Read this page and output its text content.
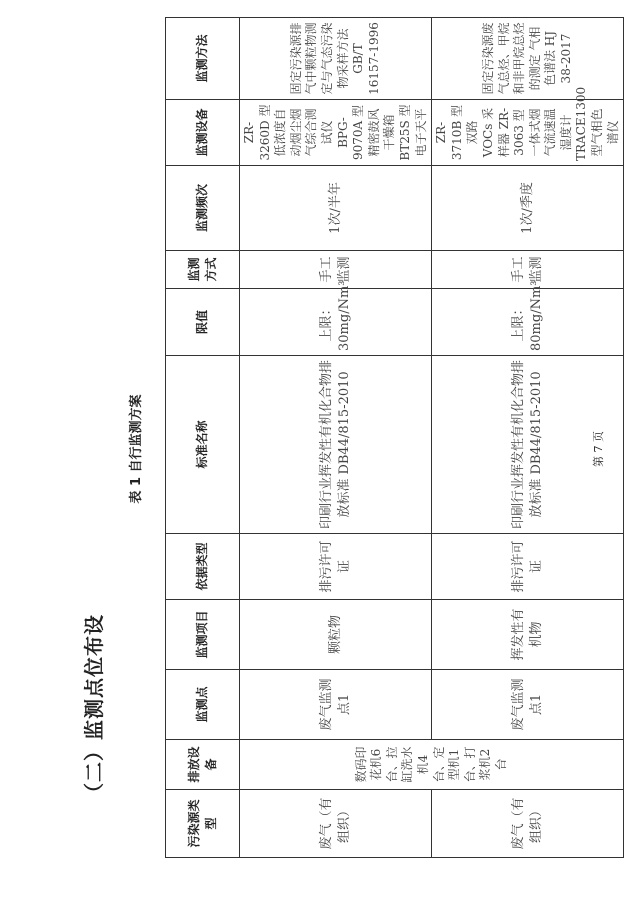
（二）监测点位布设
表 1 自行监测方案
污染源类型	排放设备	监测点	监测项目	依据类型	标准名称	限值	监测方式	监测频次	监测设备	监测方法
废气（有组织）	数码印花机6台、拉缸洗水机4台、定型机1台、打浆机2台	废气监测点1	颗粒物	排污许可证	印刷行业挥发性有机化合物排放标准 DB44/815-2010	上限：30mg/Nm³	手工监测	1次/半年	ZR-3260D 型低浓度自动烟尘烟气综合测试仪 BPG-9070A 型精密鼓风干燥箱 BT25S 型电子天平	固定污染源排气中颗粒物测定与气态污染物采样方法 GB/T 16157-1996
废气（有组织）		废气监测点1	挥发性有机物	排污许可证	印刷行业挥发性有机化合物排放标准 DB44/815-2010	上限：80mg/Nm³	手工监测	1次/季度	ZR-3710B 型双路 VOCs 采样器 ZR-3063 型一体式烟气流速温湿度计 TRACE1300 型气相色谱仪	固定污染源废气总烃、甲烷和非甲烷总烃的测定 气相色谱法 HJ 38-2017
第 7 页
